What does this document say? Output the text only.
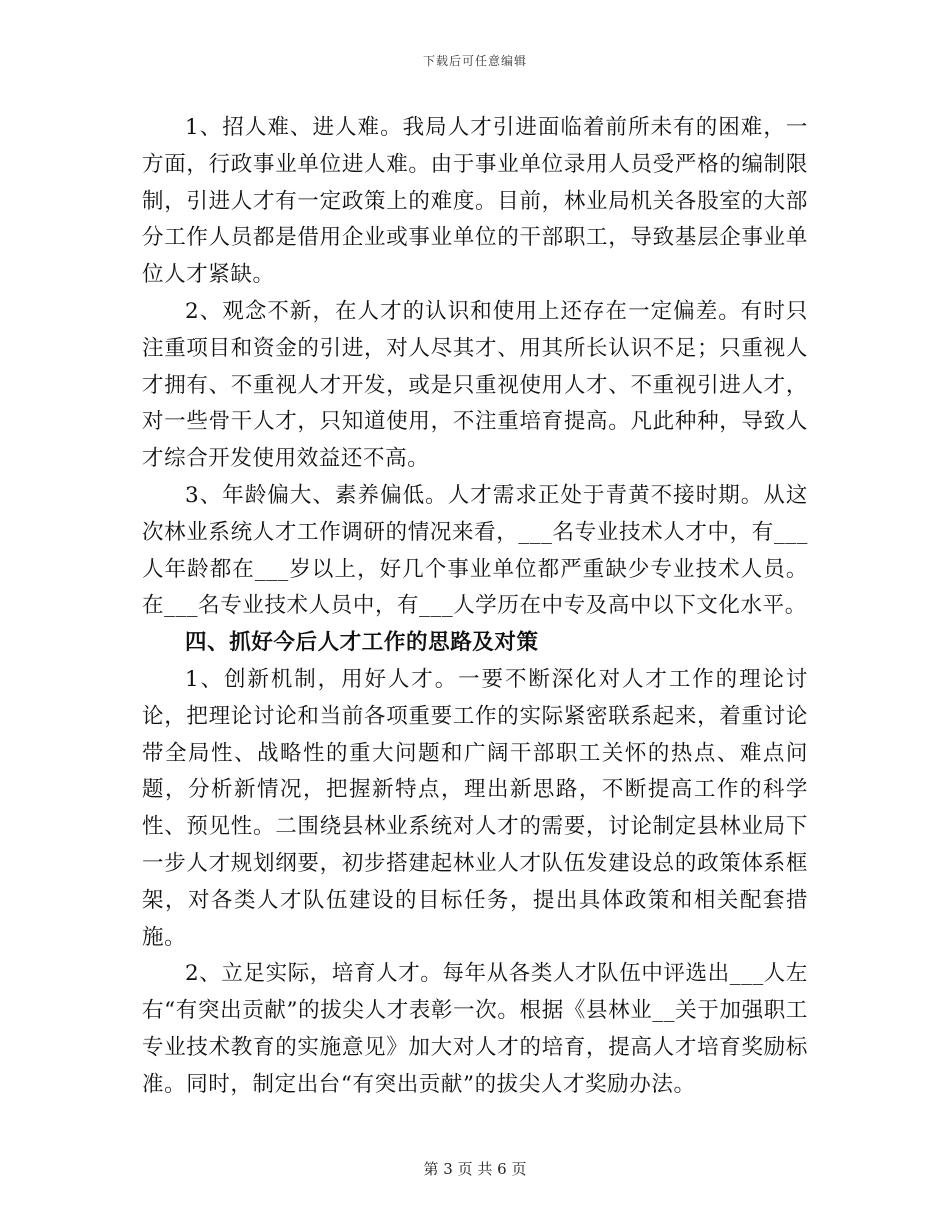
下载后可任意编辑

1、招人难、进人难。我局人才引进面临着前所未有的困难，一方面，行政事业单位进人难。由于事业单位录用人员受严格的编制限制，引进人才有一定政策上的难度。目前，林业局机关各股室的大部分工作人员都是借用企业或事业单位的干部职工，导致基层企事业单位人才紧缺。

2、观念不新，在人才的认识和使用上还存在一定偏差。有时只注重项目和资金的引进，对人尽其才、用其所长认识不足；只重视人才拥有、不重视人才开发，或是只重视使用人才、不重视引进人才，对一些骨干人才，只知道使用，不注重培育提高。凡此种种，导致人才综合开发使用效益还不高。

3、年龄偏大、素养偏低。人才需求正处于青黄不接时期。从这次林业系统人才工作调研的情况来看，___名专业技术人才中，有___人年龄都在___岁以上，好几个事业单位都严重缺少专业技术人员。在___名专业技术人员中，有___人学历在中专及高中以下文化水平。

四、抓好今后人才工作的思路及对策

1、创新机制，用好人才。一要不断深化对人才工作的理论讨论，把理论讨论和当前各项重要工作的实际紧密联系起来，着重讨论带全局性、战略性的重大问题和广阔干部职工关怀的热点、难点问题，分析新情况，把握新特点，理出新思路，不断提高工作的科学性、预见性。二围绕县林业系统对人才的需要，讨论制定县林业局下一步人才规划纲要，初步搭建起林业人才队伍发建设总的政策体系框架，对各类人才队伍建设的目标任务，提出具体政策和相关配套措施。

2、立足实际，培育人才。每年从各类人才队伍中评选出___人左右“有突出贡献”的拔尖人才表彰一次。根据《县林业__关于加强职工专业技术教育的实施意见》加大对人才的培育，提高人才培育奖励标准。同时，制定出台“有突出贡献”的拔尖人才奖励办法。

第 3 页 共 6 页
